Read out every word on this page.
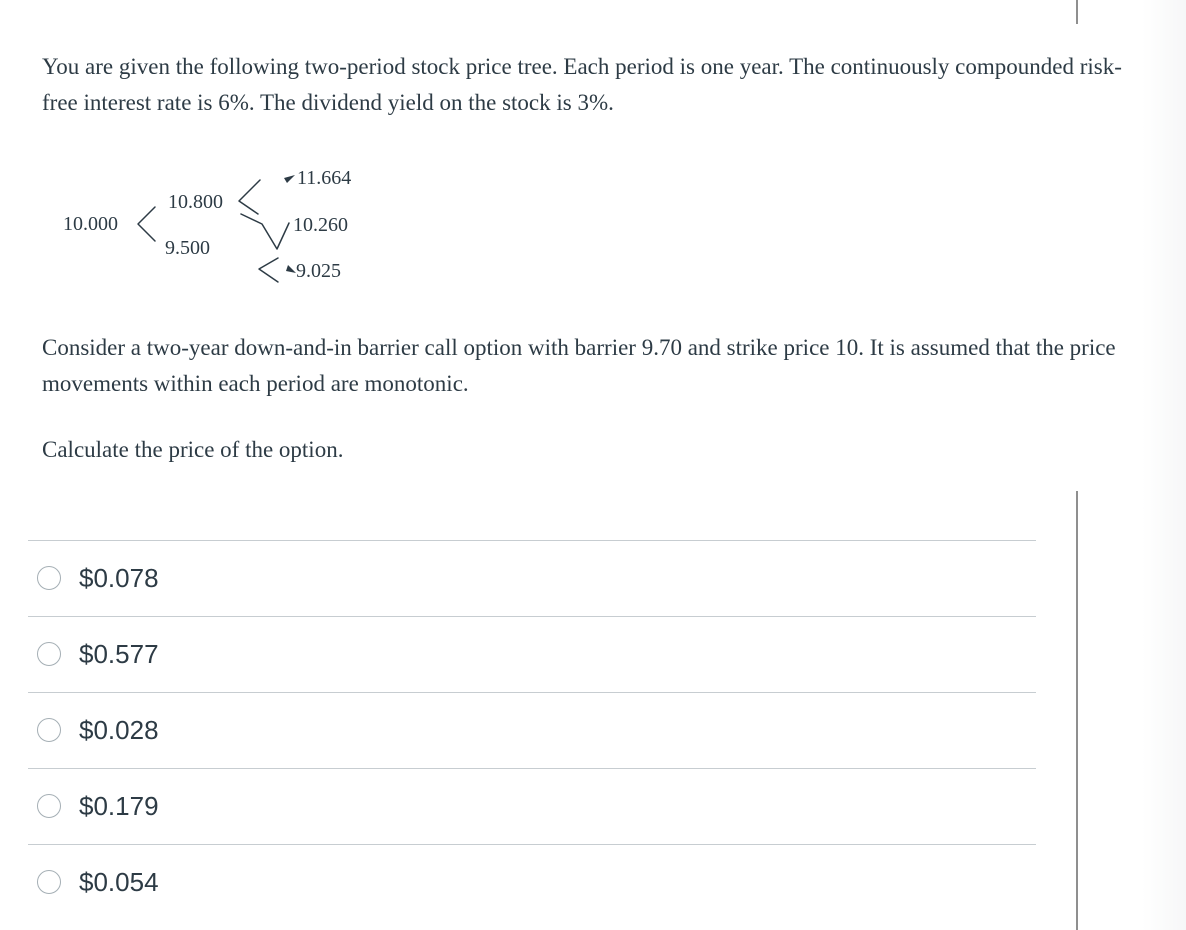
You are given the following two-period stock price tree. Each period is one year. The continuously compounded risk-free interest rate is 6%. The dividend yield on the stock is 3%.

10.000
10.800
9.500
11.664
10.260
9.025

Consider a two-year down-and-in barrier call option with barrier 9.70 and strike price 10. It is assumed that the price movements within each period are monotonic.

Calculate the price of the option.

$0.078
$0.577
$0.028
$0.179
$0.054
